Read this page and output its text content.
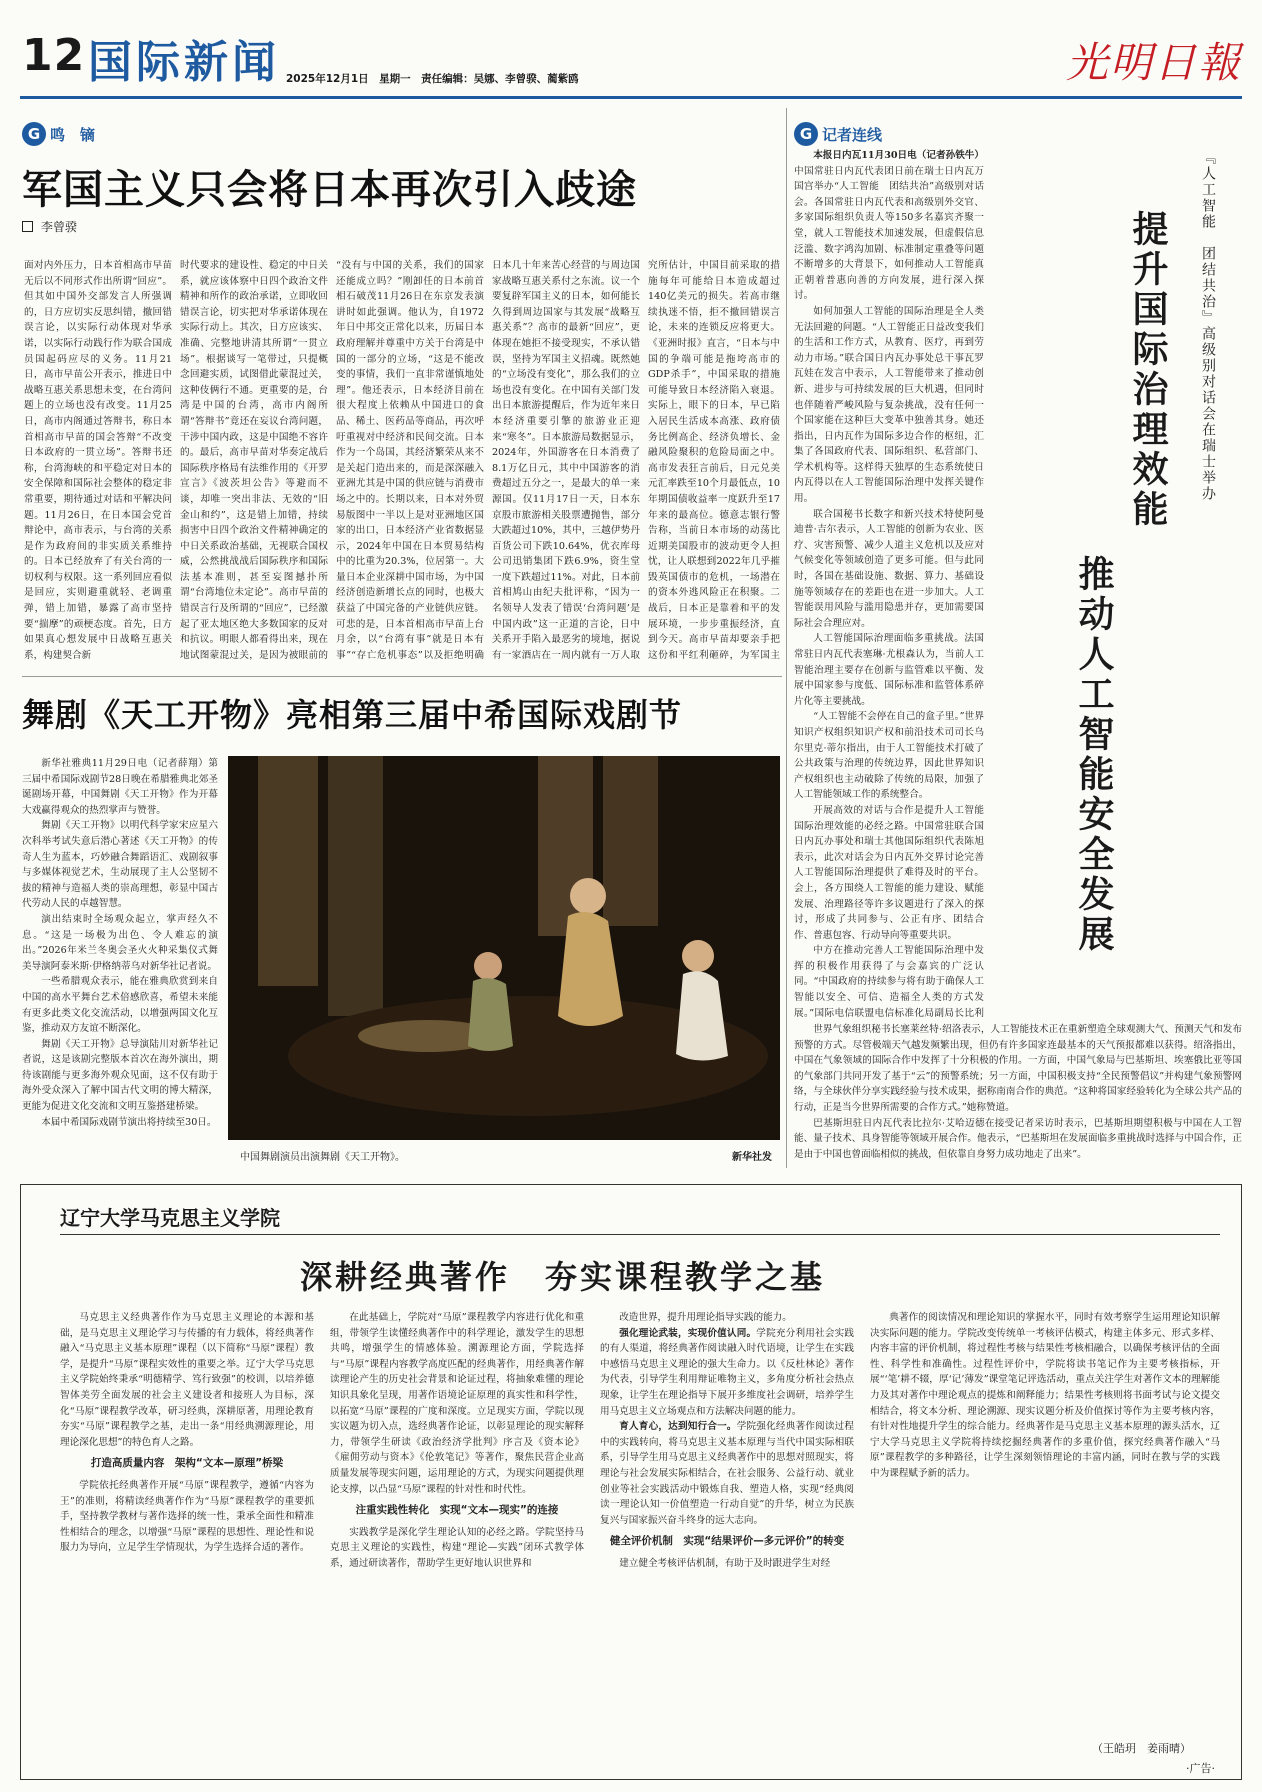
12 国际新闻 2025年12月1日　星期一　责任编辑：吴娜、李曾骙、蔺紫鸥	光明日報
G 鸣　镝
军国主义只会将日本再次引入歧途
李曾骙
面对内外压力，日本首相高市早苗无后以不同形式作出所谓“回应”。但其如中国外交部发言人所强调的，日方应切实反思纠错，撤回错误言论，以实际行动体现对华承诺，以实际行动践行作为联合国成员国起码应尽的义务。11月21日，高市早苗公开表示，推进日中战略互惠关系思想未变，在台湾问题上的立场也没有改变。11月25日，高市内阁通过答辩书，称日本首相高市早苗的国会答辩“不改变日本政府的一贯立场”。答辩书还称，台湾海峡的和平稳定对日本的安全保障和国际社会整体的稳定非常重要，期待通过对话和平解决问题。11月26日，在日本国会党首辩论中，高市表示，与台湾的关系是作为政府间的非实质关系维持的。日本已经放弃了有关台湾的一切权利与权限。这一系列回应看似是回应，实则避重就轻、老调重弹，错上加错，暴露了高市坚持要“揣摩”的顽梗态度。首先，日方如果真心想发展中日战略互惠关系，构建契合新
时代要求的建设性、稳定的中日关系，就应该体察中日四个政治文件精神和所作的政治承诺，立即收回错误言论，切实把对华承诺体现在实际行动上。其次，日方应该实、准确、完整地讲清其所谓“一贯立场”。根据谈写一笔带过，只提概念回避实质，试图借此蒙混过关，这种伎俩行不通。更重要的是，台湾是中国的台湾，高市内阁所谓“答辩书”竟还在妄议台湾问题，干涉中国内政，这是中国绝不容许的。最后，高市早苗对华奏定战后国际秩序格局有法维作用的《开罗宣言》《波茨坦公告》等避而不谈，却唯一突出非法、无效的“旧金山和约”，这是错上加错，持续损害中日四个政治文件精神确定的中日关系政治基础，无视联合国权威，公然挑战战后国际秩序和国际法基本准则，甚至妄图撼扑所谓“台湾地位未定论”。高市早苗的错误言行及所谓的“回应”，已经激起了亚太地区绝大多数国家的反对和抗议。明眼人都看得出来，现在地试图蒙混过关，是因为被眼前的
“没有与中国的关系，我们的国家还能成立吗？”刚卸任的日本前首相石破茂11月26日在东京发表演讲时如此强调。他认为，自1972年日中邦交正常化以来，历届日本政府理解并尊重中方关于台湾是中国的一部分的立场，“这是不能改变的事情，我们一直非常谨慎地处理”。他还表示，日本经济目前在很大程度上依赖从中国进口的食品、稀土、医药品等商品，再次呼吁重视对中经济和民间交流。日本作为一个岛国，其经济繁荣从来不是关起门造出来的，而是深深融入亚洲尤其是中国的供应链与消费市场之中的。长期以来，日本对外贸易版图中一半以上是对亚洲地区国家的出口，日本经济产业省数据显示，2024年中国在日本贸易结构中的比重为20.3%，位居第一。大量日本企业深耕中国市场，为中国经济创造新增长点的同时，也极大获益了中国完备的产业链供应链。可悲的是，日本首相高市早苗上台月余，以“台湾有事”就是日本有事”“存亡危机事态”以及拒绝明确
日本几十年来苦心经营的与周边国家战略互惠关系付之东流。议一个要复辟军国主义的日本，如何能长久得到周边国家与其发展“战略互惠关系”？高市的最新“回应”，更体现在她拒不接受现实，不承认错误，坚持为军国主义招魂。既然她的“立场没有变化”，那么我们的立场也没有变化。在中国有关部门发出日本旅游提醒后，作为近年来日本经济重要引擎的旅游业正迎来“寒冬”。日本旅游局数据显示，2024年，外国游客在日本消费了8.1万亿日元，其中中国游客的消费超过五分之一，是最大的单一来源国。仅11月17日一天，日本东京股市旅游相关股票遭抛售，部分大跌超过10%，其中，三越伊势丹百货公司下跌10.64%，优衣库母公司迅销集团下跌6.9%，资生堂一度下跌超过11%。对此，日本前首相鸠山由纪夫批评称，“因为一名领导人发表了错误‘台湾问题’是中国内政”这一正道的言论，日中关系开手陷入最恶劣的境地，据说有一家酒店在一周内就有一万人取
究所估计，中国目前采取的措施每年可能给日本造成超过140亿美元的损失。若高市继续执迷不悟，拒不撤回错误言论，未来的连锁反应将更大。《亚洲时报》直言，“日本与中国的争端可能是拖垮高市的GDP杀手”，中国采取的措施可能导致日本经济陷入衰退。实际上，眼下的日本，早已陷入居民生活成本高涨、政府债务比例高企、经济负增长、金融风险聚积的危险局面之中。高市发表狂言前后，日元兑美元汇率跌至10个月最低点，10年期国债收益率一度跃升至17年来的最高位。德意志银行警告称，当前日本市场的动荡比近期美国股市的波动更令人担忧，让人联想到2022年几乎摧毁英国债市的危机，一场潜在的资本外逃风险正在积聚。二战后，日本正是靠着和平的发展环境，一步步重振经济，直到今天。高市早苗却要亲手把这份和平红利砸碎，为军国主
舞剧《天工开物》亮相第三届中希国际戏剧节

新华社雅典11月29日电（记者薛翔）第三届中希国际戏剧节28日晚在希腊雅典北郊圣诞剧场开幕，中国舞剧《天工开物》作为开幕大戏赢得观众的热烈掌声与赞誉。

舞剧《天工开物》以明代科学家宋应星六次科举考试失意后潜心著述《天工开物》的传奇人生为蓝本，巧妙融合舞蹈语汇、戏剧叙事与多媒体视觉艺术，生动展现了主人公坚韧不拔的精神与造福人类的崇高理想，彰显中国古代劳动人民的卓越智慧。

演出结束时全场观众起立，掌声经久不息。“这是一场极为出色、令人难忘的演出。”2026年米兰冬奥会圣火火种采集仪式舞美导演阿泰米斯·伊格纳蒂乌对新华社记者说。

一些希腊观众表示，能在雅典欣赏到来自中国的高水平舞台艺术倍感欣喜，希望未来能有更多此类文化交流活动，以增强两国文化互鉴，推动双方友谊不断深化。

舞剧《天工开物》总导演陆川对新华社记者说，这是该剧完整版本首次在海外演出，期待该剧能与更多海外观众见面，这不仅有助于海外受众深入了解中国古代文明的博大精深，更能为促进文化交流和文明互鉴搭建桥梁。

本届中希国际戏剧节演出将持续至30日。

中国舞剧演员出演舞剧《天工开物》。	新华社发
G 记者连线
『人工智能　团结共治』高级别对话会在瑞士举办
提升国际治理效能
推动人工智能安全发展

本报日内瓦11月30日电（记者孙铁牛）中国常驻日内瓦代表团日前在瑞士日内瓦万国宫举办“人工智能　团结共治”高级别对话会。各国常驻日内瓦代表和高级别外交官、多家国际组织负责人等150多名嘉宾齐聚一堂，就人工智能技术加速发展，但虚假信息泛滥、数字鸿沟加剧、标准制定重叠等问题不断增多的大背景下，如何推动人工智能真正朝着普惠向善的方向发展，进行深入探讨。

如何加强人工智能的国际治理是全人类无法回避的问题。“人工智能正日益改变我们的生活和工作方式，从教育、医疗，再到劳动力市场。”联合国日内瓦办事处总干事瓦罗瓦娃在发言中表示，人工智能带来了推动创新、进步与可持续发展的巨大机遇，但同时也伴随着严峻风险与复杂挑战，没有任何一个国家能在这种巨大变革中独善其身。她还指出，日内瓦作为国际多边合作的枢纽，汇集了各国政府代表、国际组织、私营部门、学术机构等。这样得天独厚的生态系统使日内瓦得以在人工智能国际治理中发挥关键作用。

联合国秘书长数字和新兴技术特使阿曼迪普·吉尔表示，人工智能的创新为农业、医疗、灾害预警、减少人道主义危机以及应对气候变化等领域创造了更多可能。但与此同时，各国在基础设施、数据、算力、基础设施等领域存在的差距也在进一步加大。人工智能误用风险与滥用隐患并存，更加需要国际社会合理应对。

人工智能国际治理面临多重挑战。法国常驻日内瓦代表塞琳·尤根森认为，当前人工智能治理主要存在创新与监管难以平衡、发展中国家参与度低、国际标准和监管体系碎片化等主要挑战。

“人工智能不会停在自己的盒子里。”世界知识产权组织知识产权和前沿技术司司长乌尔里克·蒂尔指出，由于人工智能技术打破了公共政策与治理的传统边界，因此世界知识产权组织也主动破除了传统的局限，加强了人工智能领域工作的系统整合。

开展高效的对话与合作是提升人工智能国际治理效能的必经之路。中国常驻联合国日内瓦办事处和瑞士其他国际组织代表陈旭表示，此次对话会为日内瓦外交界讨论完善人工智能国际治理提供了难得及时的平台。会上，各方围绕人工智能的能力建设、赋能发展、治理路径等许多议题进行了深入的探讨，形成了共同参与、公正有序、团结合作、普惠包容、行动导向等重要共识。

中方在推动完善人工智能国际治理中发挥的积极作用获得了与会嘉宾的广泛认同。“中国政府的持续参与将有助于确保人工智能以安全、可信、造福全人类的方式发展。”国际电信联盟电信标准化局副局长比利

世界气象组织秘书长塞莱丝特·绍洛表示，人工智能技术正在重新塑造全球观测大气、预测天气和发布预警的方式。尽管极端天气越发频繁出现，但仍有许多国家连最基本的天气预报都难以获得。绍洛指出，中国在气象领域的国际合作中发挥了十分积极的作用。一方面，中国气象局与巴基斯坦、埃塞俄比亚等国的气象部门共同开发了基于“云”的预警系统；另一方面，中国积极支持“全民预警倡议”并构建气象预警网络，与全球伙伴分享实践经验与技术成果，据称南南合作的典范。“这种将国家经验转化为全球公共产品的行动，正是当今世界所需要的合作方式。”她称赞道。

巴基斯坦驻日内瓦代表比拉尔·艾哈迈德在接受记者采访时表示，巴基斯坦期望积极与中国在人工智能、量子技术、具身智能等领域开展合作。他表示，“巴基斯坦在发展面临多重挑战时选择与中国合作，正是由于中国也曾面临相似的挑战，但依靠自身努力成功地走了出来”。

辽宁大学马克思主义学院
深耕经典著作　夯实课程教学之基

马克思主义经典著作作为马克思主义理论的本源和基础，是马克思主义理论学习与传播的有力载体，将经典著作融入“马克思主义基本原理”课程（以下简称“马原”课程）教学，是提升“马原”课程实效性的重要之举。辽宁大学马克思主义学院始终秉承“明德精学、笃行致强”的校训，以培养德智体美劳全面发展的社会主义建设者和接班人为目标，深化“马原”课程教学改革，研习经典，深耕原著，用理论教育夯实“马原”课程教学之基，走出一条“用经典溯源理论，用理论深化思想”的特色育人之路。

打造高质量内容　架构“文本—原理”桥梁

学院依托经典著作开展“马原”课程教学，遵循“内容为王”的准则，将精读经典著作作为“马原”课程教学的重要抓手，坚持教学教材与著作选择的统一性，秉承全面性和精准性相结合的理念，以增强“马原”课程的思想性、理论性和说服力为导向，立足学生学情现状，为学生选择合适的著作。

在此基础上，学院对“马原”课程教学内容进行优化和重组，带领学生读懂经典著作中的科学理论，激发学生的思想共鸣，增强学生的情感体验。溯源理论方面，学院选择与“马原”课程内容教学高度匹配的经典著作，用经典著作解读理论产生的历史社会背景和论证过程，将抽象难懂的理论知识具象化呈现，用著作语境论证原理的真实性和科学性，以拓宽“马原”课程的广度和深度。立足现实方面，学院以现实议题为切入点，选经典著作论证，以彰显理论的现实解释力，带领学生研读《政治经济学批判》序言及《资本论》《雇佣劳动与资本》《伦敦笔记》等著作，聚焦民营企业高质量发展等现实问题，运用理论的方式，为现实问题提供理论支撑，以凸显“马原”课程的针对性和时代性。

注重实践性转化　实现“文本—现实”的连接

实践教学是深化学生理论认知的必经之路。学院坚持马克思主义理论的实践性，构建“理论—实践”闭环式教学体系，通过研读著作，帮助学生更好地认识世界和

改造世界，提升用理论指导实践的能力。

强化理论武装，实现价值认同。学院充分利用社会实践的有人渠道，将经典著作阅读融入时代语境，让学生在实践中感悟马克思主义理论的强大生命力。以《反杜林论》著作为代表，引导学生利用辩证唯物主义，多角度分析社会热点现象，让学生在理论指导下展开多维度社会调研，培养学生用马克思主义立场观点和方法解决问题的能力。

育人育心，达到知行合一。学院强化经典著作阅读过程中的实践转向，将马克思主义基本原理与当代中国实际相联系，引导学生用马克思主义经典著作中的思想对照现实，将理论与社会发展实际相结合，在社会服务、公益行动、就业创业等社会实践活动中锻炼自我、塑造人格，实现“经典阅读一理论认知一价值塑造一行动自觉”的升华，树立为民族复兴与国家振兴奋斗终身的远大志向。

健全评价机制　实现“结果评价—多元评价”的转变

建立健全考核评估机制，有助于及时跟进学生对经

典著作的阅读情况和理论知识的掌握水平，同时有效考察学生运用理论知识解决实际问题的能力。学院改变传统单一考核评估模式，构建主体多元、形式多样、内容丰富的评价机制，将过程性考核与结果性考核相融合，以确保考核评估的全面性、科学性和准确性。过程性评价中，学院将读书笔记作为主要考核指标，开展“‘笔’耕不辍，厚‘记’薄发”课堂笔记评选活动，重点关注学生对著作文本的理解能力及其对著作中理论观点的提炼和阐释能力；结果性考核则将书面考试与论文提交相结合，将文本分析、理论溯源、现实议题分析及价值探讨等作为主要考核内容，有针对性地提升学生的综合能力。经典著作是马克思主义基本原理的源头活水，辽宁大学马克思主义学院将持续挖掘经典著作的多重价值，探究经典著作融入“马原”课程教学的多种路径，让学生深刻领悟理论的丰富内涵，同时在教与学的实践中为课程赋予新的活力。

（王皓玥　姜雨晴）
·广告·
